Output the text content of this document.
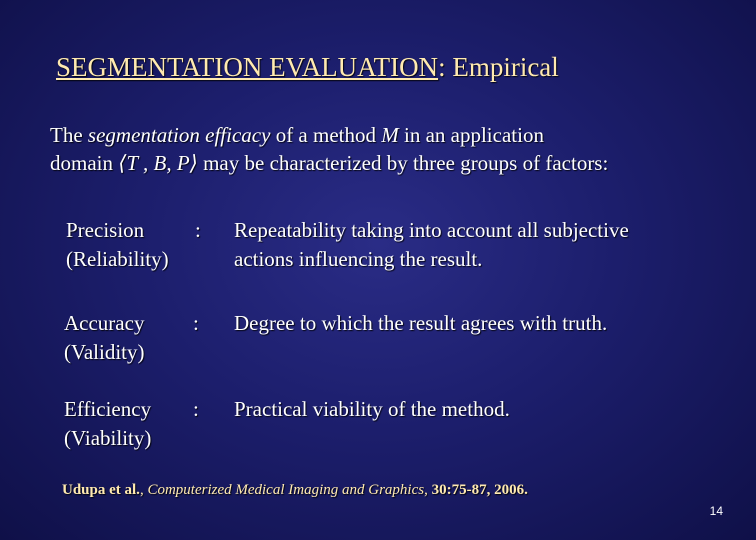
SEGMENTATION EVALUATION: Empirical
The segmentation efficacy of a method M in an application
domain ⟨T , B, P⟩ may be characterized by three groups of factors:
Precision
(Reliability)
: Repeatability taking into account all subjective
actions influencing the result.
Accuracy
(Validity)
: Degree to which the result agrees with truth.
Efficiency
(Viability)
: Practical viability of the method.
Udupa et al., Computerized Medical Imaging and Graphics, 30:75-87, 2006.
14
